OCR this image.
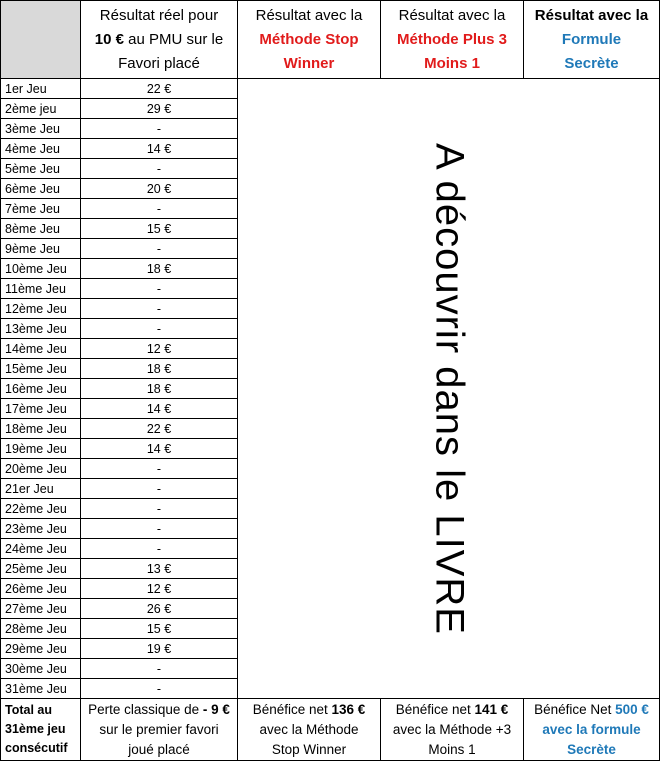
	Résultat réel pour
10 € au PMU sur le
Favori placé	Résultat avec la
Méthode Stop
Winner	Résultat avec la
Méthode Plus 3
Moins 1	Résultat avec la
Formule
Secrète
1er Jeu	22 €	A découvrir dans le LIVRE		

2ème jeu	29 €			
3ème Jeu	-			
4ème Jeu	14 €			
5ème Jeu	-			
6ème Jeu	20 €			
7ème Jeu	-			
8ème Jeu	15 €			
9ème Jeu	-			
10ème Jeu	18 €			
11ème Jeu	-			
12ème Jeu	-			
13ème Jeu	-			
14ème Jeu	12 €			
15ème Jeu	18 €			
16ème Jeu	18 €			
17ème Jeu	14 €			
18ème Jeu	22 €			
19ème Jeu	14 €			
20ème Jeu	-			
21er Jeu	-			
22ème Jeu	-			
23ème Jeu	-			
24ème Jeu	-			
25ème Jeu	13 €			
26ème Jeu	12 €			
27ème Jeu	26 €			
28ème Jeu	15 €			
29ème Jeu	19 €			
30ème Jeu	-			
31ème Jeu	-			
Total au
31ème jeu
consécutif	Perte classique de - 9 €
sur le premier favori
joué placé	Bénéfice net 136 €
avec la Méthode
Stop Winner	Bénéfice net 141 €
avec la Méthode +3
Moins 1	Bénéfice Net 500 €
avec la formule
Secrète
